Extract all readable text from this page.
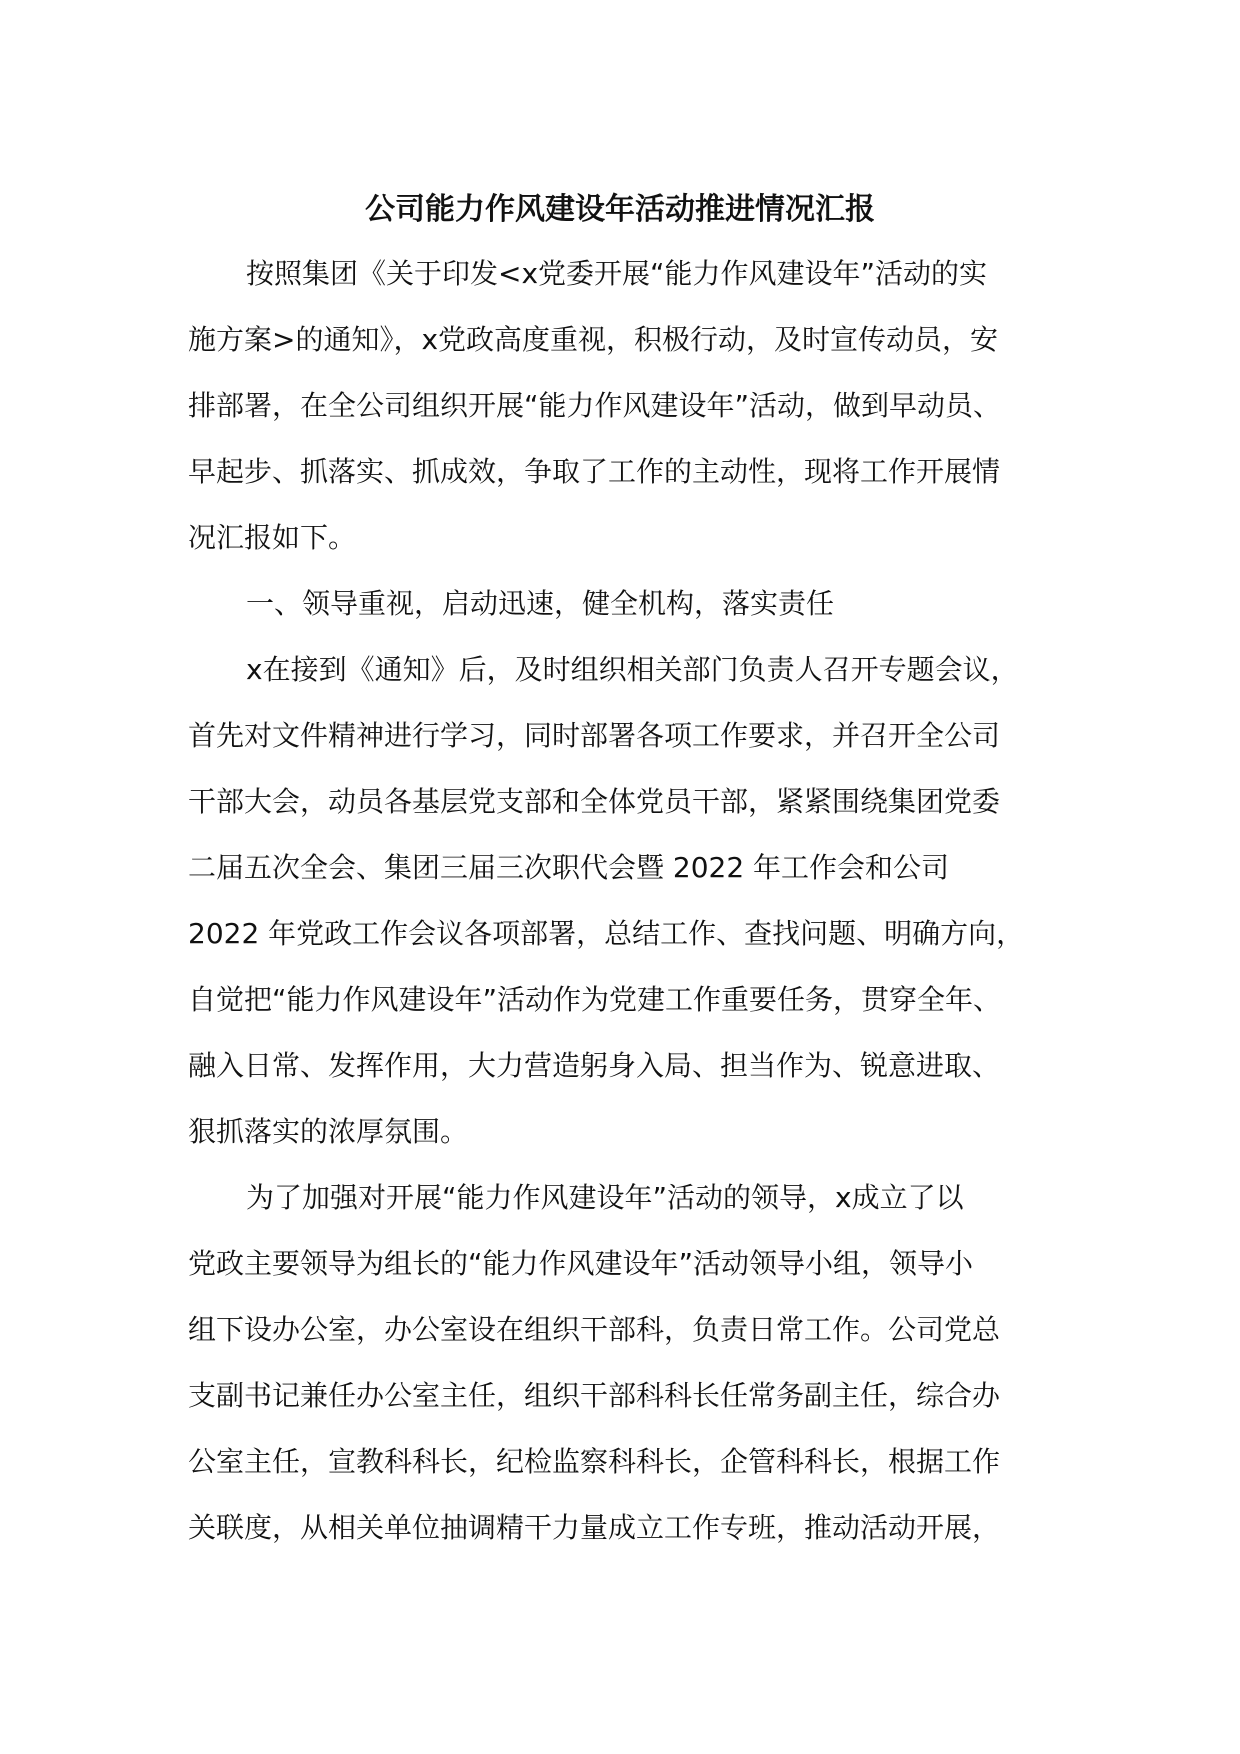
公司能力作风建设年活动推进情况汇报
按照集团《关于印发<x党委开展“能力作风建设年”活动的实
施方案>的通知》，x党政高度重视，积极行动，及时宣传动员，安
排部署，在全公司组织开展“能力作风建设年”活动，做到早动员、
早起步、抓落实、抓成效，争取了工作的主动性，现将工作开展情
况汇报如下。
一、领导重视，启动迅速，健全机构，落实责任
x在接到《通知》后，及时组织相关部门负责人召开专题会议，
首先对文件精神进行学习，同时部署各项工作要求，并召开全公司
干部大会，动员各基层党支部和全体党员干部，紧紧围绕集团党委
二届五次全会、集团三届三次职代会暨 2022 年工作会和公司
2022 年党政工作会议各项部署，总结工作、查找问题、明确方向，
自觉把“能力作风建设年”活动作为党建工作重要任务，贯穿全年、
融入日常、发挥作用，大力营造躬身入局、担当作为、锐意进取、
狠抓落实的浓厚氛围。
为了加强对开展“能力作风建设年”活动的领导，x成立了以
党政主要领导为组长的“能力作风建设年”活动领导小组，领导小
组下设办公室，办公室设在组织干部科，负责日常工作。公司党总
支副书记兼任办公室主任，组织干部科科长任常务副主任，综合办
公室主任，宣教科科长，纪检监察科科长，企管科科长，根据工作
关联度，从相关单位抽调精干力量成立工作专班，推动活动开展，
